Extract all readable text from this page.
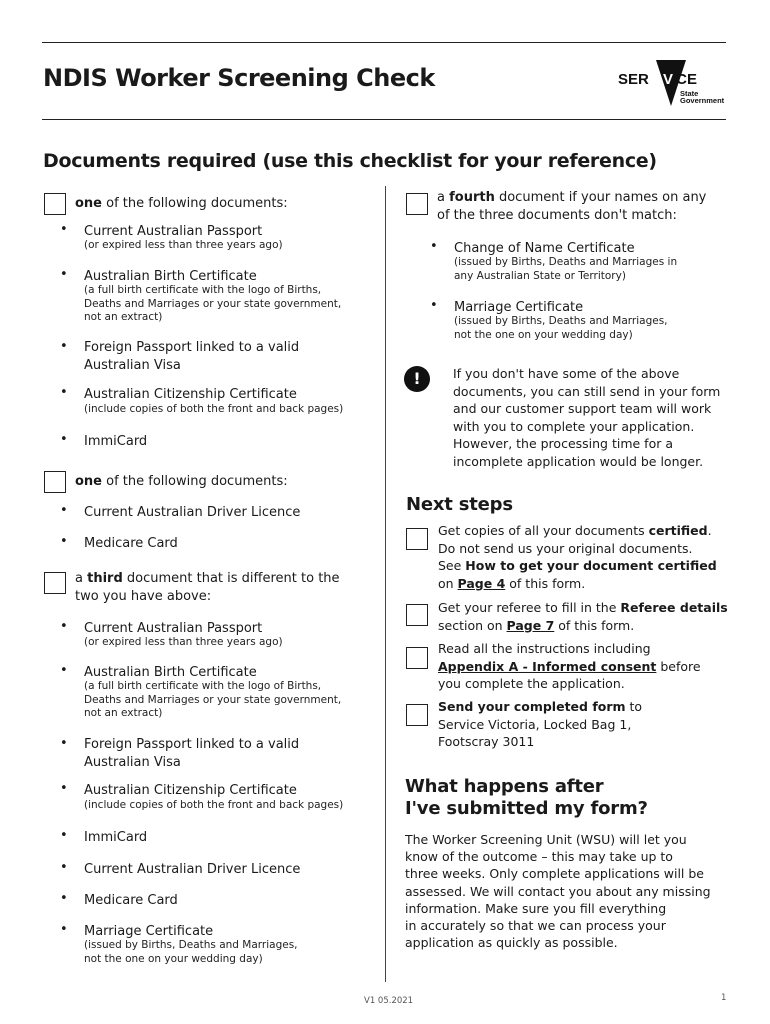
NDIS Worker Screening Check	SER V
ICE
State
Government
Documents required (use this checklist for your reference)
one of the following documents:
• Current Australian Passport
(or expired less than three years ago)
• Australian Birth Certificate
(a full birth certificate with the logo of Births,
Deaths and Marriages or your state government,
not an extract)
• Foreign Passport linked to a valid
Australian Visa
• Australian Citizenship Certificate
(include copies of both the front and back pages)
• ImmiCard
one of the following documents:
• Current Australian Driver Licence
• Medicare Card
a third document that is different to the
two you have above:
• Current Australian Passport
(or expired less than three years ago)
• Australian Birth Certificate
(a full birth certificate with the logo of Births,
Deaths and Marriages or your state government,
not an extract)
• Foreign Passport linked to a valid
Australian Visa
• Australian Citizenship Certificate
(include copies of both the front and back pages)
• ImmiCard
• Current Australian Driver Licence
• Medicare Card
• Marriage Certificate
(issued by Births, Deaths and Marriages,
not the one on your wedding day)
a fourth document if your names on any
of the three documents don't match:
• Change of Name Certificate
(issued by Births, Deaths and Marriages in
any Australian State or Territory)
• Marriage Certificate
(issued by Births, Deaths and Marriages,
not the one on your wedding day)
!	If you don't have some of the above
documents, you can still send in your form
and our customer support team will work
with you to complete your application.
However, the processing time for a
incomplete application would be longer.
Next steps
Get copies of all your documents certified.
Do not send us your original documents.
See How to get your document certified
on Page 4 of this form.
Get your referee to fill in the Referee details
section on Page 7 of this form.
Read all the instructions including
Appendix A - Informed consent before
you complete the application.
Send your completed form to
Service Victoria, Locked Bag 1,
Footscray 3011
What happens after
I've submitted my form?
The Worker Screening Unit (WSU) will let you
know of the outcome – this may take up to
three weeks. Only complete applications will be
assessed. We will contact you about any missing
information. Make sure you fill everything
in accurately so that we can process your
application as quickly as possible.
V1 05.2021	1
